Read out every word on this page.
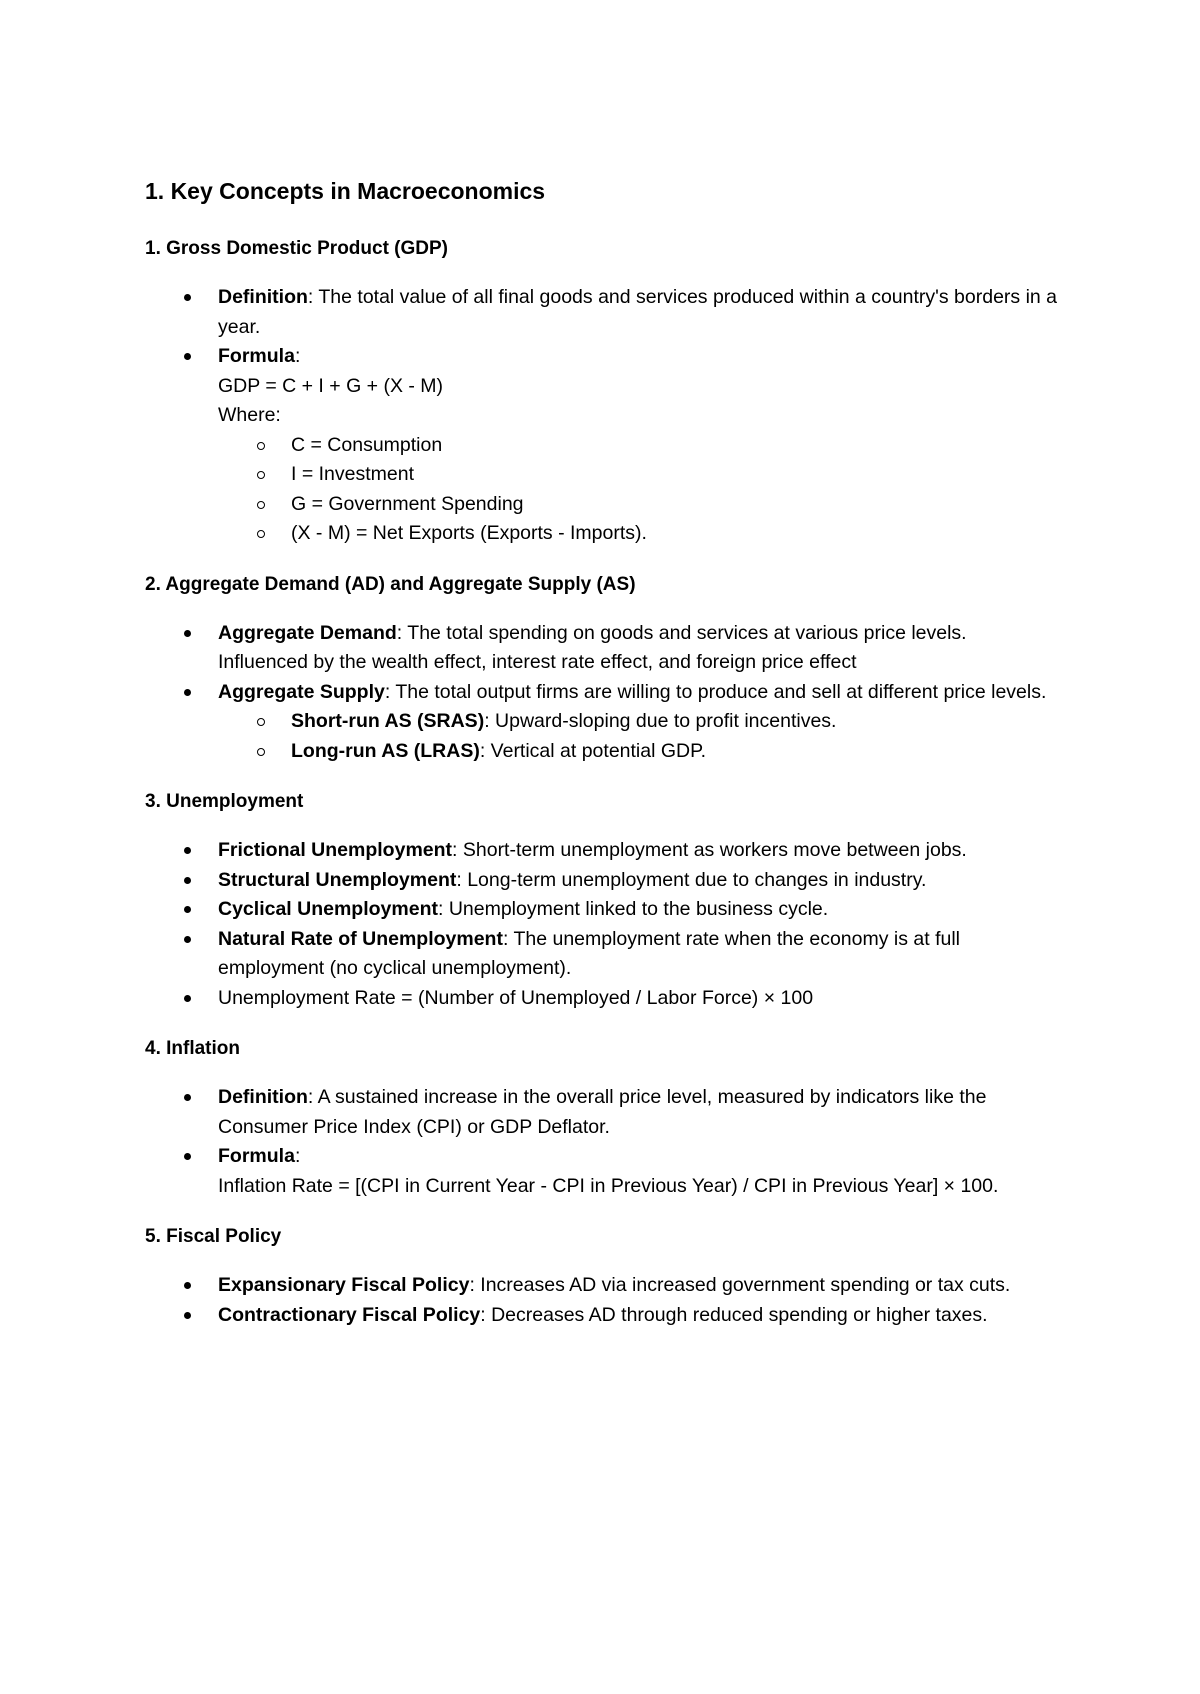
1. Key Concepts in Macroeconomics
1. Gross Domestic Product (GDP)
Definition: The total value of all final goods and services produced within a country's borders in a year.
Formula:
GDP = C + I + G + (X - M)
Where:
C = Consumption
I = Investment
G = Government Spending
(X - M) = Net Exports (Exports - Imports).
2. Aggregate Demand (AD) and Aggregate Supply (AS)
Aggregate Demand: The total spending on goods and services at various price levels.
Influenced by the wealth effect, interest rate effect, and foreign price effect
Aggregate Supply: The total output firms are willing to produce and sell at different price levels.
Short-run AS (SRAS): Upward-sloping due to profit incentives.
Long-run AS (LRAS): Vertical at potential GDP.
3. Unemployment
Frictional Unemployment: Short-term unemployment as workers move between jobs.
Structural Unemployment: Long-term unemployment due to changes in industry.
Cyclical Unemployment: Unemployment linked to the business cycle.
Natural Rate of Unemployment: The unemployment rate when the economy is at full employment (no cyclical unemployment).
Unemployment Rate = (Number of Unemployed / Labor Force) × 100
4. Inflation
Definition: A sustained increase in the overall price level, measured by indicators like the Consumer Price Index (CPI) or GDP Deflator.
Formula:
Inflation Rate = [(CPI in Current Year - CPI in Previous Year) / CPI in Previous Year] × 100.
5. Fiscal Policy
Expansionary Fiscal Policy: Increases AD via increased government spending or tax cuts.
Contractionary Fiscal Policy: Decreases AD through reduced spending or higher taxes.
